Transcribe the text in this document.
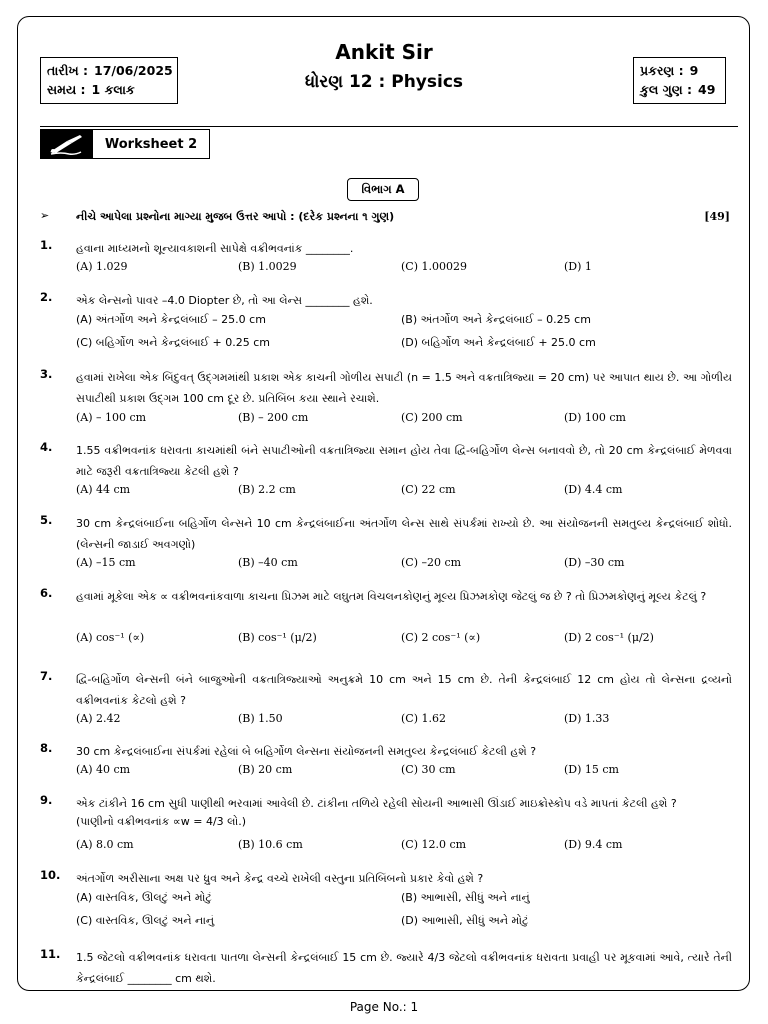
Ankit Sir
ધોરણ 12 : Physics
તારીખ : 17/06/2025
સમય : 1 કલાક
પ્રકરણ : 9
કુલ ગુણ : 49
Worksheet 2
વિભાગ A
➢ નીચે આપેલા પ્રશ્નોના માગ્યા મુજબ ઉત્તર આપો : (દરેક પ્રશ્નના ૧ ગુણ)	[49]
1. હવાના માધ્યમનો શૂન્યાવકાશની સાપેક્ષે વક્રીભવનાંક ________.
(A) 1.029	(B) 1.0029	(C) 1.00029	(D) 1
2. એક લેન્સનો પાવર –4.0 Diopter છે, તો આ લેન્સ ________ હશે.
(A) અંતર્ગોળ અને કેન્દ્રલંબાઈ – 25.0 cm	(B) અંતર્ગોળ અને કેન્દ્રલંબાઈ – 0.25 cm
(C) બહિર્ગોળ અને કેન્દ્રલંબાઈ + 0.25 cm	(D) બહિર્ગોળ અને કેન્દ્રલંબાઈ + 25.0 cm
3. હવામાં રાખેલા એક બિંદુવત્ ઉદ્ગમમાંથી પ્રકાશ એક કાચની ગોળીય સપાટી (n = 1.5 અને વક્રતાત્રિજ્યા = 20 cm) પર આપાત થાય છે. આ ગોળીય સપાટીથી પ્રકાશ ઉદ્ગમ 100 cm દૂર છે. પ્રતિબિંબ કયા સ્થાને રચાશે.
(A) – 100 cm	(B) – 200 cm	(C) 200 cm	(D) 100 cm
4. 1.55 વક્રીભવનાંક ધરાવતા કાચમાંથી બંને સપાટીઓની વક્રતાત્રિજ્યા સમાન હોય તેવા દ્વિ-બહિર્ગોળ લેન્સ બનાવવો છે, તો 20 cm કેન્દ્રલંબાઈ મેળવવા માટે જરૂરી વક્રતાત્રિજ્યા કેટલી હશે ?
(A) 44 cm	(B) 2.2 cm	(C) 22 cm	(D) 4.4 cm
5. 30 cm કેન્દ્રલંબાઈના બહિર્ગોળ લેન્સને 10 cm કેન્દ્રલંબાઈના અંતર્ગોળ લેન્સ સાથે સંપર્કમાં રાખ્યો છે. આ સંયોજનની સમતુલ્ય કેન્દ્રલંબાઈ શોધો. (લેન્સની જાડાઈ અવગણો)
(A) –15 cm	(B) –40 cm	(C) –20 cm	(D) –30 cm
6. હવામાં મૂકેલા એક ∝ વક્રીભવનાંકવાળા કાચના પ્રિઝમ માટે લઘુતમ વિચલનકોણનું મૂલ્ય પ્રિઝમકોણ જેટલું જ છે ? તો પ્રિઝમકોણનું મૂલ્ય કેટલું ?
(A) cos⁻¹ (∝)	(B) cos⁻¹ (μ/2)	(C) 2 cos⁻¹ (∝)	(D) 2 cos⁻¹ (μ/2)
7. દ્વિ-બહિર્ગોળ લેન્સની બંને બાજુઓની વક્રતાત્રિજ્યાઓ અનુક્રમે 10 cm અને 15 cm છે. તેની કેન્દ્રલંબાઈ 12 cm હોય તો લેન્સના દ્રવ્યનો વક્રીભવનાંક કેટલો હશે ?
(A) 2.42	(B) 1.50	(C) 1.62	(D) 1.33
8. 30 cm કેન્દ્રલંબાઈના સંપર્કમાં રહેલાં બે બહિર્ગોળ લેન્સના સંયોજનની સમતુલ્ય કેન્દ્રલંબાઈ કેટલી હશે ?
(A) 40 cm	(B) 20 cm	(C) 30 cm	(D) 15 cm
9. એક ટાંકીને 16 cm સુધી પાણીથી ભરવામાં આવેલી છે. ટાંકીના તળિયે રહેલી સોયની આભાસી ઊંડાઈ માઇક્રોસ્કોપ વડે માપતાં કેટલી હશે ?
(પાણીનો વક્રીભવનાંક ∝w = 4/3 લો.)
(A) 8.0 cm	(B) 10.6 cm	(C) 12.0 cm	(D) 9.4 cm
10. અંતર્ગોળ અરીસાના અક્ષ પર ધ્રુવ અને કેન્દ્ર વચ્ચે રાખેલી વસ્તુના પ્રતિબિંબનો પ્રકાર કેવો હશે ?
(A) વાસ્તવિક, ઊલટું અને મોટું	(B) આભાસી, સીધું અને નાનું
(C) વાસ્તવિક, ઊલટું અને નાનું	(D) આભાસી, સીધું અને મોટું
11. 1.5 જેટલો વક્રીભવનાંક ધરાવતા પાતળા લેન્સની કેન્દ્રલંબાઈ 15 cm છે. જ્યારે 4/3 જેટલો વક્રીભવનાંક ધરાવતા પ્રવાહી પર મૂકવામાં આવે, ત્યારે તેની કેન્દ્રલંબાઈ ________ cm થશે.
Page No.: 1
